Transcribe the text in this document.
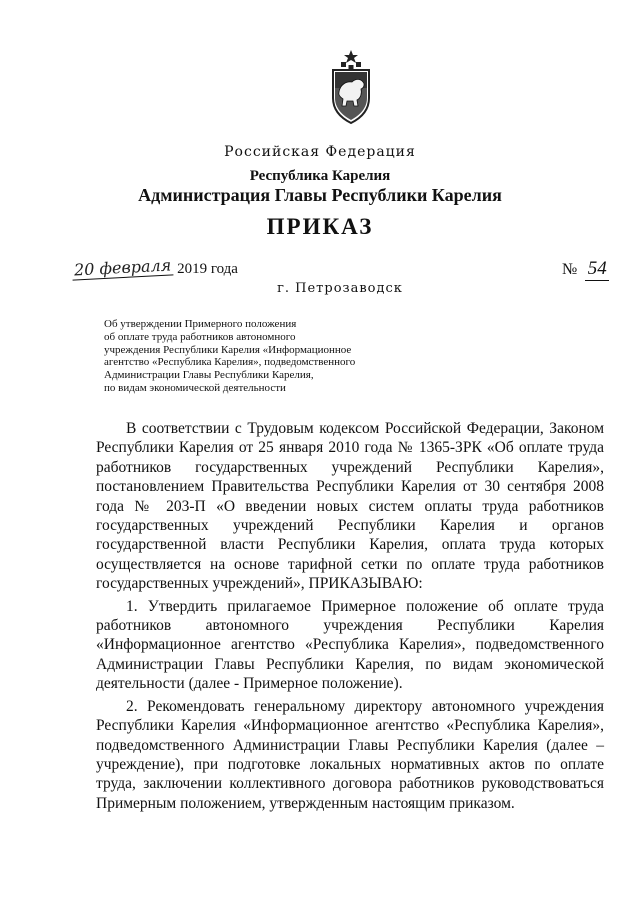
Российская Федерация
Республика Карелия
Администрация Главы Республики Карелия
ПРИКАЗ
20 февраля 2019 года	№ 54
г. Петрозаводск
Об утверждении Примерного положения
об оплате труда работников автономного
учреждения Республики Карелия «Информационное
агентство «Республика Карелия», подведомственного
Администрации Главы Республики Карелия,
по видам экономической деятельности

В соответствии с Трудовым кодексом Российской Федерации, Законом Республики Карелия от 25 января 2010 года № 1365-ЗРК «Об оплате труда работников государственных учреждений Республики Карелия», постановлением Правительства Республики Карелия от 30 сентября 2008 года № 203-П «О введении новых систем оплаты труда работников государственных учреждений Республики Карелия и органов государственной власти Республики Карелия, оплата труда которых осуществляется на основе тарифной сетки по оплате труда работников государственных учреждений», ПРИКАЗЫВАЮ:

1. Утвердить прилагаемое Примерное положение об оплате труда работников автономного учреждения Республики Карелия «Информационное агентство «Республика Карелия», подведомственного Администрации Главы Республики Карелия, по видам экономической деятельности (далее - Примерное положение).

2. Рекомендовать генеральному директору автономного учреждения Республики Карелия «Информационное агентство «Республика Карелия», подведомственного Администрации Главы Республики Карелия (далее – учреждение), при подготовке локальных нормативных актов по оплате труда, заключении коллективного договора работников руководствоваться Примерным положением, утвержденным настоящим приказом.
